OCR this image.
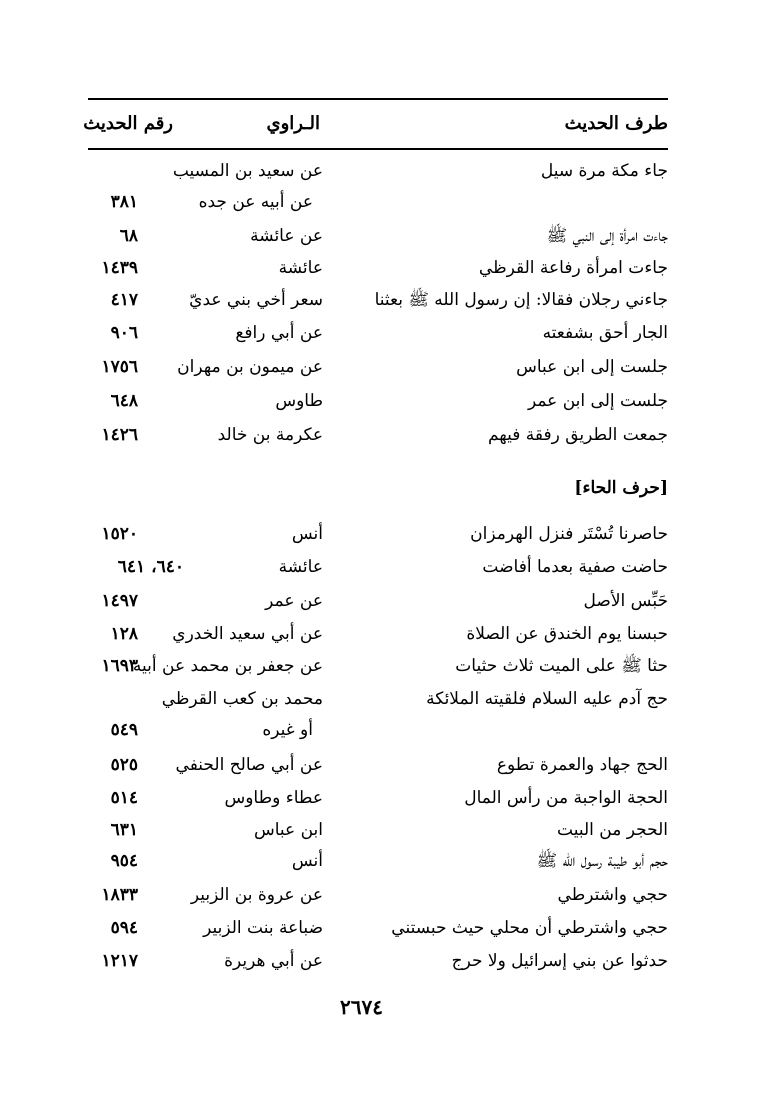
طرف الحديث
الـراوي
رقم الحديث
جاء مكة مرة سيل
عن سعيد بن المسيب
عن أبيه عن جده
٣٨١
جاءت امرأة إلى النبي ﷺ
عن عائشة
٦٨
جاءت امرأة رفاعة القرظي
عائشة
١٤٣٩
جاءني رجلان فقالا: إن رسول الله ﷺ بعثنا
سعر أخي بني عديّ
٤١٧
الجار أحق بشفعته
عن أبي رافع
٩٠٦
جلست إلى ابن عباس
عن ميمون بن مهران
١٧٥٦
جلست إلى ابن عمر
طاوس
٦٤٨
جمعت الطريق رفقة فيهم
عكرمة بن خالد
١٤٢٦
[حرف الحاء]
حاصرنا تُسْتَر فنزل الهرمزان
أنس
١٥٢٠
حاضت صفية بعدما أفاضت
عائشة
٦٤٠، ٦٤١
حَبِّس الأصل
عن عمر
١٤٩٧
حبسنا يوم الخندق عن الصلاة
عن أبي سعيد الخدري
١٢٨
حثا ﷺ على الميت ثلاث حثيات
عن جعفر بن محمد عن أبيه
١٦٩٣
حج آدم عليه السلام فلقيته الملائكة
محمد بن كعب القرظي
أو غيره
٥٤٩
الحج جهاد والعمرة تطوع
عن أبي صالح الحنفي
٥٢٥
الحجة الواجبة من رأس المال
عطاء وطاوس
٥١٤
الحجر من البيت
ابن عباس
٦٣١
حجم أبو طيبة رسول الله ﷺ
أنس
٩٥٤
حجي واشترطي
عن عروة بن الزبير
١٨٣٣
حجي واشترطي أن محلي حيث حبستني
ضباعة بنت الزبير
٥٩٤
حدثوا عن بني إسرائيل ولا حرج
عن أبي هريرة
١٢١٧
٢٦٧٤
